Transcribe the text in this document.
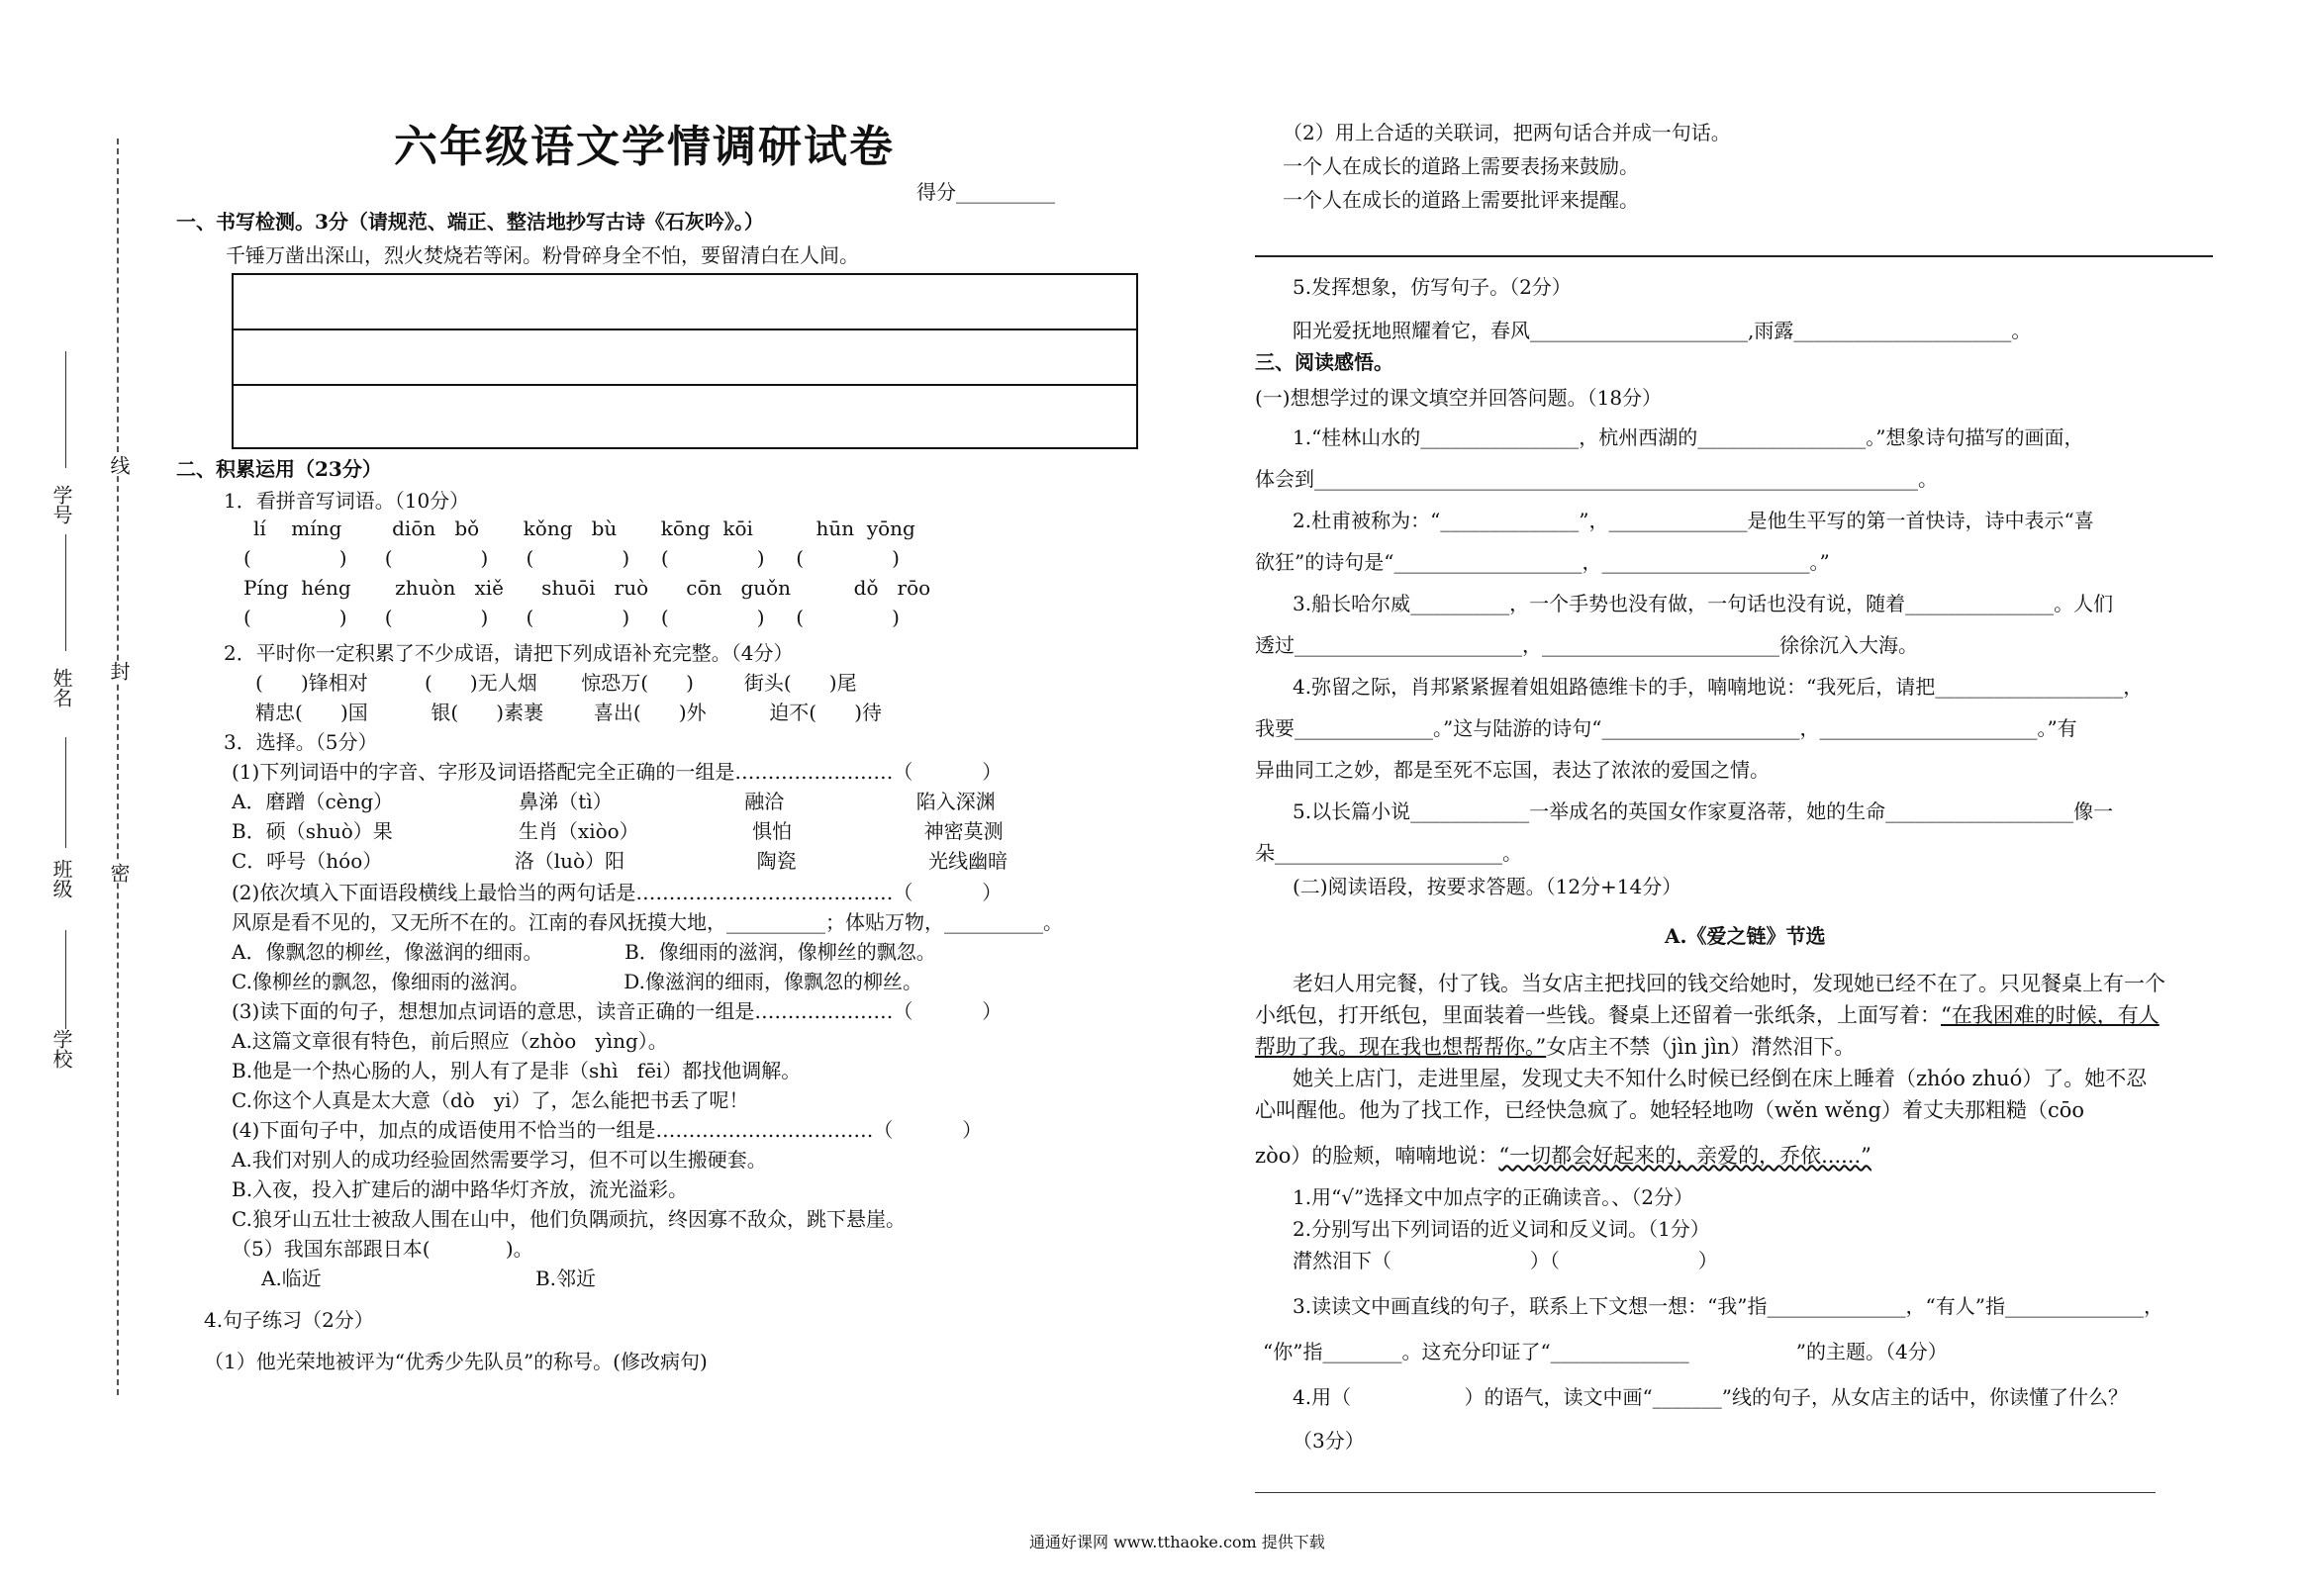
线
封
密
学号
姓名
班级
学校
六年级语文学情调研试卷
得分__________
一、书写检测。3分（请规范、端正、整洁地抄写古诗《石灰吟》。）
千锤万凿出深山，烈火焚烧若等闲。粉骨碎身全不怕，要留清白在人间。
二、积累运用（23分）
1．看拼音写词语。（10分）
lí    míng        diōn   bǒ       kǒng   bù       kōng  kōi          hūn  yōng
(              )      (              )      (              )     (              )     (              )
Píng  héng       zhuòn   xiě      shuōi   ruò      cōn   guǒn          dǒ   rōo
(              )      (              )      (              )     (              )     (              )
2．平时你一定积累了不少成语，请把下列成语补充完整。（4分）
(      )锋相对         (      )无人烟       惊恐万(      )        街头(      )尾
精忠(      )国          银(      )素裹        喜出(      )外          迫不(      )待
3．选择。（5分）
(1)下列词语中的字音、字形及词语搭配完全正确的一组是……………………（           ）
A．磨蹭（cèng）                    鼻涕（tì）                     融洽                     陷入深渊
B．硕（shuò）果                    生肖（xiòo）                  惧怕                     神密莫测
C．呼号（hóo）                     洛（luò）阳                     陶瓷                     光线幽暗
(2)依次填入下面语段横线上最恰当的两句话是…………………………………（           ）
风原是看不见的，又无所不在的。江南的春风抚摸大地，__________；体贴万物，__________。
A．像飘忽的柳丝，像滋润的细雨。             B．像细雨的滋润，像柳丝的飘忽。
C.像柳丝的飘忽，像细雨的滋润。               D.像滋润的细雨，像飘忽的柳丝。
(3)读下面的句子，想想加点词语的意思，读音正确的一组是…………………（           ）
A.这篇文章很有特色，前后照应（zhòo   yìng）。
B.他是一个热心肠的人，别人有了是非（shì   fēi）都找他调解。
C.你这个人真是太大意（dò   yi）了，怎么能把书丢了呢！
(4)下面句子中，加点的成语使用不恰当的一组是……………………………（           ）
A.我们对别人的成功经验固然需要学习，但不可以生搬硬套。
B.入夜，投入扩建后的湖中路华灯齐放，流光溢彩。
C.狼牙山五壮士被敌人围在山中，他们负隅顽抗，终因寡不敌众，跳下悬崖。
（5）我国东部跟日本(            )。
A.临近                                  B.邻近
4.句子练习（2分）
（1）他光荣地被评为“优秀少先队员”的称号。(修改病句)
（2）用上合适的关联词，把两句话合并成一句话。
一个人在成长的道路上需要表扬来鼓励。
一个人在成长的道路上需要批评来提醒。
5.发挥想象，仿写句子。（2分）
阳光爱抚地照耀着它，春风______________________,雨露______________________。
三、阅读感悟。
(一)想想学过的课文填空并回答问题。（18分）
1.“桂林山水的________________，杭州西湖的_________________。”想象诗句描写的画面，
体会到_____________________________________________________________。
2.杜甫被称为：“______________”，______________是他生平写的第一首快诗，诗中表示“喜
欲狂”的诗句是“___________________，_____________________。”
3.船长哈尔威__________，一个手势也没有做，一句话也没有说，随着_______________。人们
透过_______________________，________________________徐徐沉入大海。
4.弥留之际，肖邦紧紧握着姐姐路德维卡的手，喃喃地说：“我死后，请把___________________，
我要______________。”这与陆游的诗句“____________________，______________________。”有
异曲同工之妙，都是至死不忘国，表达了浓浓的爱国之情。
5.以长篇小说____________一举成名的英国女作家夏洛蒂，她的生命___________________像一
朵_______________________。
(二)阅读语段，按要求答题。（12分+14分）
A.《爱之链》节选
老妇人用完餐，付了钱。当女店主把找回的钱交给她时，发现她已经不在了。只见餐桌上有一个
小纸包，打开纸包，里面装着一些钱。餐桌上还留着一张纸条，上面写着：“在我困难的时候，有人
帮助了我。现在我也想帮帮你。”女店主不禁（jìn jìn）潸然泪下。
她关上店门，走进里屋，发现丈夫不知什么时候已经倒在床上睡着（zhóo zhuó）了。她不忍
心叫醒他。他为了找工作，已经快急疯了。她轻轻地吻（wěn wěng）着丈夫那粗糙（cōo
zòo）的脸颊，喃喃地说：“一切都会好起来的，亲爱的，乔依......”
1.用“√”选择文中加点字的正确读音。、（2分）
2.分别写出下列词语的近义词和反义词。（1分）
潸然泪下（                      ）（                      ）
3.读读文中画直线的句子，联系上下文想一想：“我”指______________，“有人”指______________，
“你”指________。这充分印证了“______________                 ”的主题。（4分）
4.用（                  ）的语气，读文中画“_______”线的句子，从女店主的话中，你读懂了什么？
（3分）
通通好课网 www.tthaoke.com 提供下载
